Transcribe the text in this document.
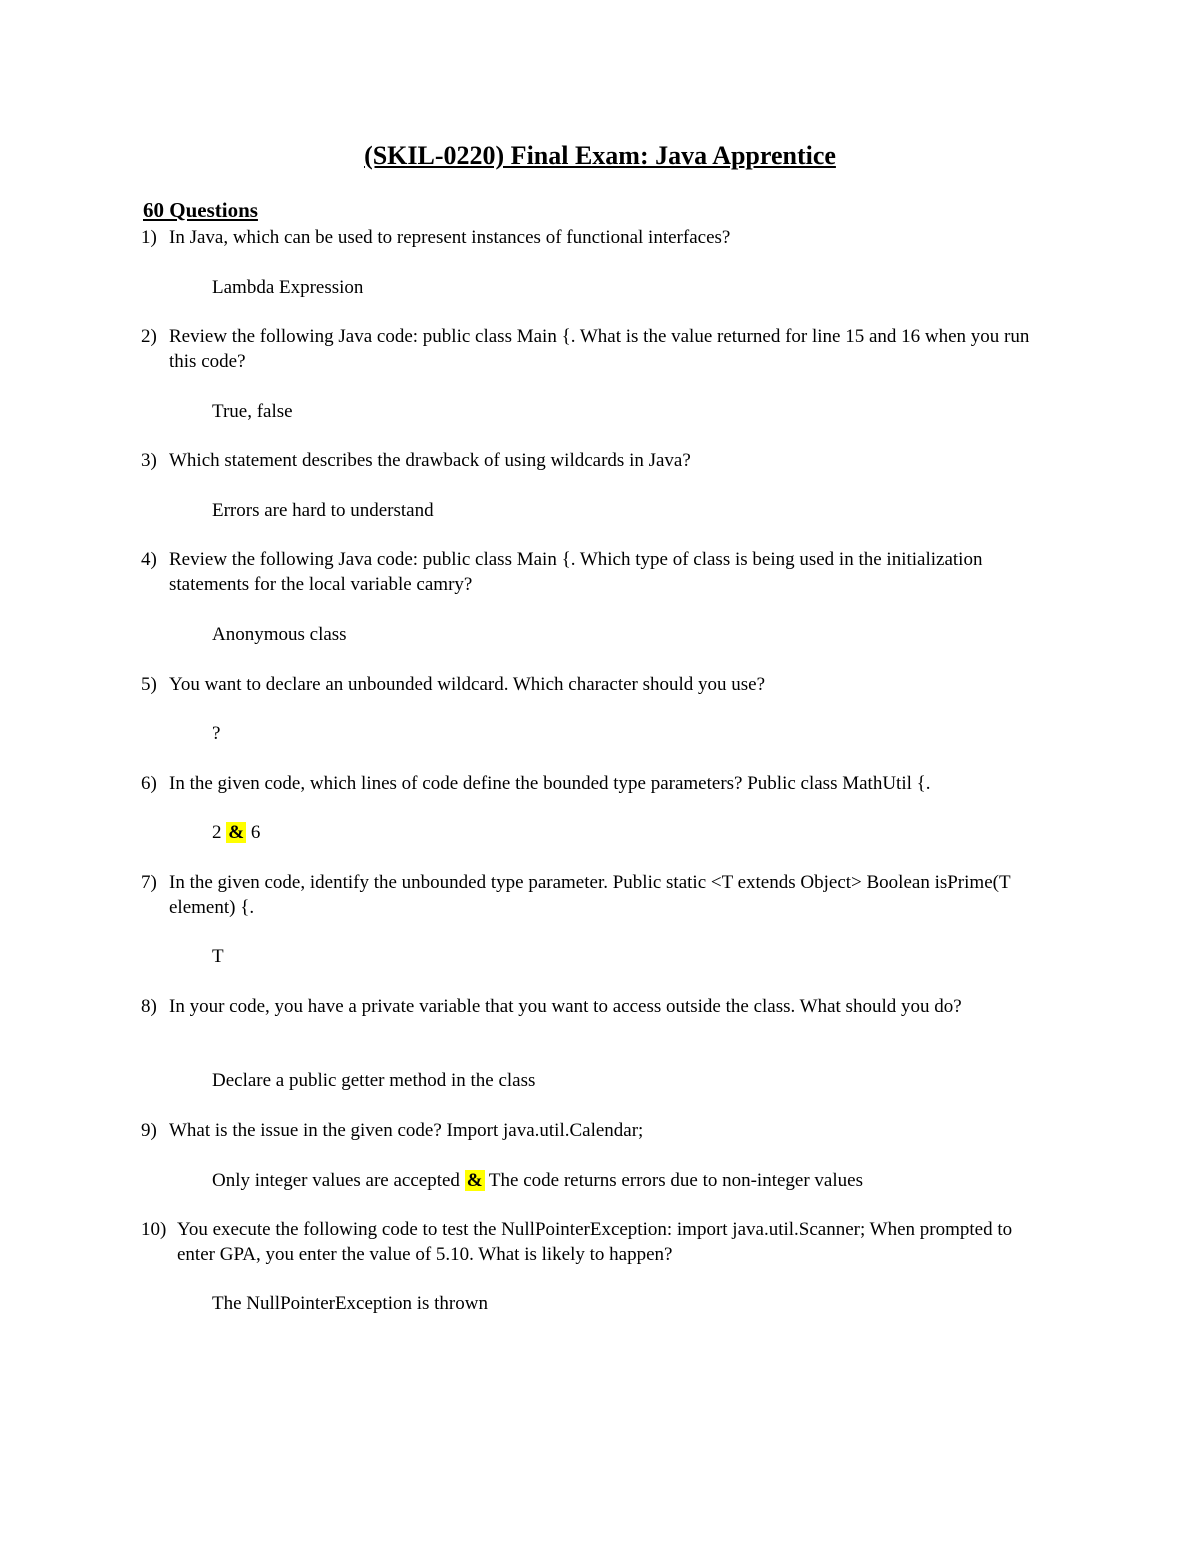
(SKIL-0220) Final Exam: Java Apprentice
60 Questions
1) In Java, which can be used to represent instances of functional interfaces?
Lambda Expression
2) Review the following Java code: public class Main {. What is the value returned for line 15 and 16 when you run this code?
True, false
3) Which statement describes the drawback of using wildcards in Java?
Errors are hard to understand
4) Review the following Java code: public class Main {. Which type of class is being used in the initialization statements for the local variable camry?
Anonymous class
5) You want to declare an unbounded wildcard. Which character should you use?
?
6) In the given code, which lines of code define the bounded type parameters? Public class MathUtil {.
2 & 6
7) In the given code, identify the unbounded type parameter. Public static <T extends Object> Boolean isPrime(T element) {.
T
8) In your code, you have a private variable that you want to access outside the class. What should you do?
Declare a public getter method in the class
9) What is the issue in the given code? Import java.util.Calendar;
Only integer values are accepted & The code returns errors due to non-integer values
10) You execute the following code to test the NullPointerException: import java.util.Scanner; When prompted to enter GPA, you enter the value of 5.10. What is likely to happen?
The NullPointerException is thrown
